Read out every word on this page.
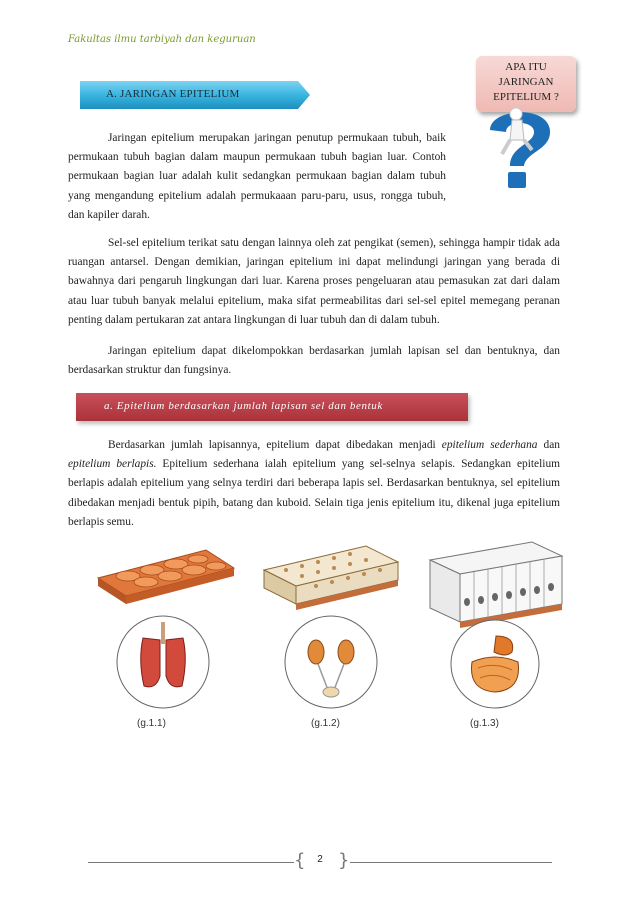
Fakultas ilmu tarbiyah dan keguruan
A. JARINGAN EPITELIUM
APA ITU
JARINGAN
EPITELIUM ?

Jaringan epitelium merupakan jaringan penutup permukaan tubuh, baik permukaan tubuh bagian dalam maupun permukaan tubuh bagian luar. Contoh permukaan bagian luar adalah kulit sedangkan permukaan bagian dalam tubuh yang mengandung epitelium adalah permukaaan paru-paru, usus, rongga tubuh, dan kapiler darah.

Sel-sel epitelium terikat satu dengan lainnya oleh zat pengikat (semen), sehingga hampir tidak ada ruangan antarsel. Dengan demikian, jaringan epitelium ini dapat melindungi jaringan yang berada di bawahnya dari pengaruh lingkungan dari luar. Karena proses pengeluaran atau pemasukan zat dari dalam atau luar tubuh banyak melalui epitelium, maka sifat permeabilitas dari sel-sel epitel memegang peranan penting dalam pertukaran zat antara lingkungan di luar tubuh dan di dalam tubuh.

Jaringan epitelium dapat dikelompokkan berdasarkan jumlah lapisan sel dan bentuknya, dan berdasarkan struktur dan fungsinya.

a. Epitelium berdasarkan jumlah lapisan sel dan bentuk

Berdasarkan jumlah lapisannya, epitelium dapat dibedakan menjadi epitelium sederhana dan epitelium berlapis. Epitelium sederhana ialah epitelium yang sel-selnya selapis. Sedangkan epitelium berlapis adalah epitelium yang selnya terdiri dari beberapa lapis sel. Berdasarkan bentuknya, sel epitelium dibedakan menjadi bentuk pipih, batang dan kuboid. Selain tiga jenis epitelium itu, dikenal juga epitelium berlapis semu.

(g.1.1)	(g.1.2)	(g.1.3)
{	2 }
